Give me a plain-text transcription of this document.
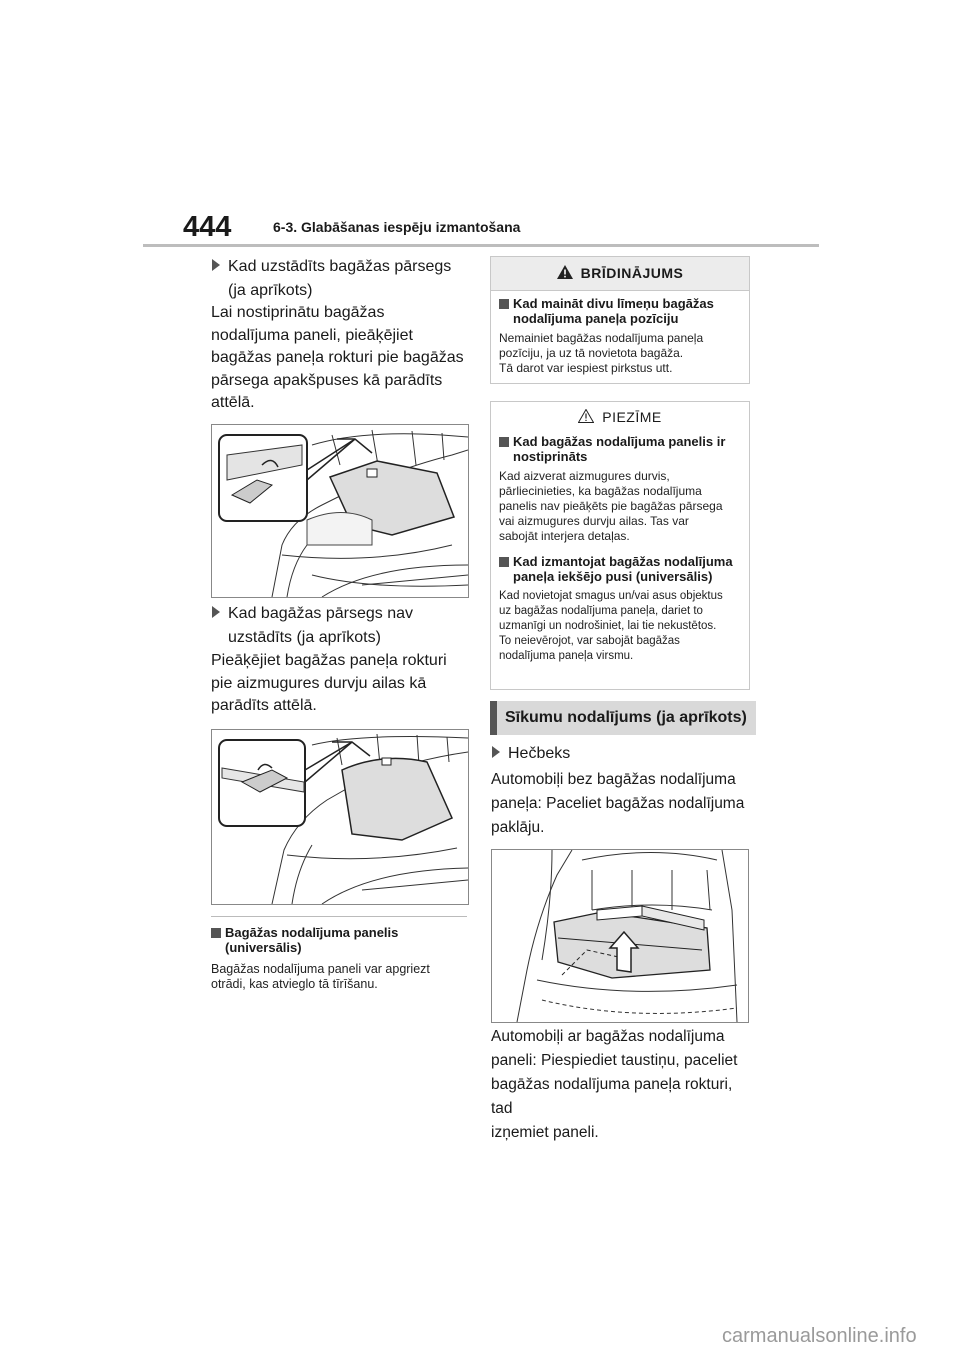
444	6-3. Glabāšanas iespēju izmantošana
Kad uzstādīts bagāžas pārsegs
(ja aprīkots)
Lai nostiprinātu bagāžas
nodalījuma paneli, pieāķējiet
bagāžas paneļa rokturi pie bagāžas
pārsega apakšpuses kā parādīts
attēlā.
Kad bagāžas pārsegs nav
uzstādīts (ja aprīkots)
Pieāķējiet bagāžas paneļa rokturi
pie aizmugures durvju ailas kā
parādīts attēlā.
Bagāžas nodalījuma panelis
(universālis)
Bagāžas nodalījuma paneli var apgriezt
otrādi, kas atvieglo tā tīrīšanu.
BRĪDINĀJUMS
Kad maināt divu līmeņu bagāžas
nodalījuma paneļa pozīciju
Nemainiet bagāžas nodalījuma paneļa
pozīciju, ja uz tā novietota bagāža.
Tā darot var iespiest pirkstus utt.
PIEZĪME
Kad bagāžas nodalījuma panelis ir
nostiprināts
Kad aizverat aizmugures durvis,
pārliecinieties, ka bagāžas nodalījuma
panelis nav pieāķēts pie bagāžas pārsega
vai aizmugures durvju ailas. Tas var
sabojāt interjera detaļas.
Kad izmantojat bagāžas nodalījuma
paneļa iekšējo pusi (universālis)
Kad novietojat smagus un/vai asus objektus
uz bagāžas nodalījuma paneļa, dariet to
uzmanīgi un nodrošiniet, lai tie nekustētos.
To neievērojot, var sabojāt bagāžas
nodalījuma paneļa virsmu.
Sīkumu nodalījums (ja aprīkots)
Hečbeks
Automobiļi bez bagāžas nodalījuma
paneļa: Paceliet bagāžas nodalījuma
paklāju.
Automobiļi ar bagāžas nodalījuma
paneli: Piespiediet taustiņu, paceliet
bagāžas nodalījuma paneļa rokturi, tad
izņemiet paneli.
carmanualsonline.info
